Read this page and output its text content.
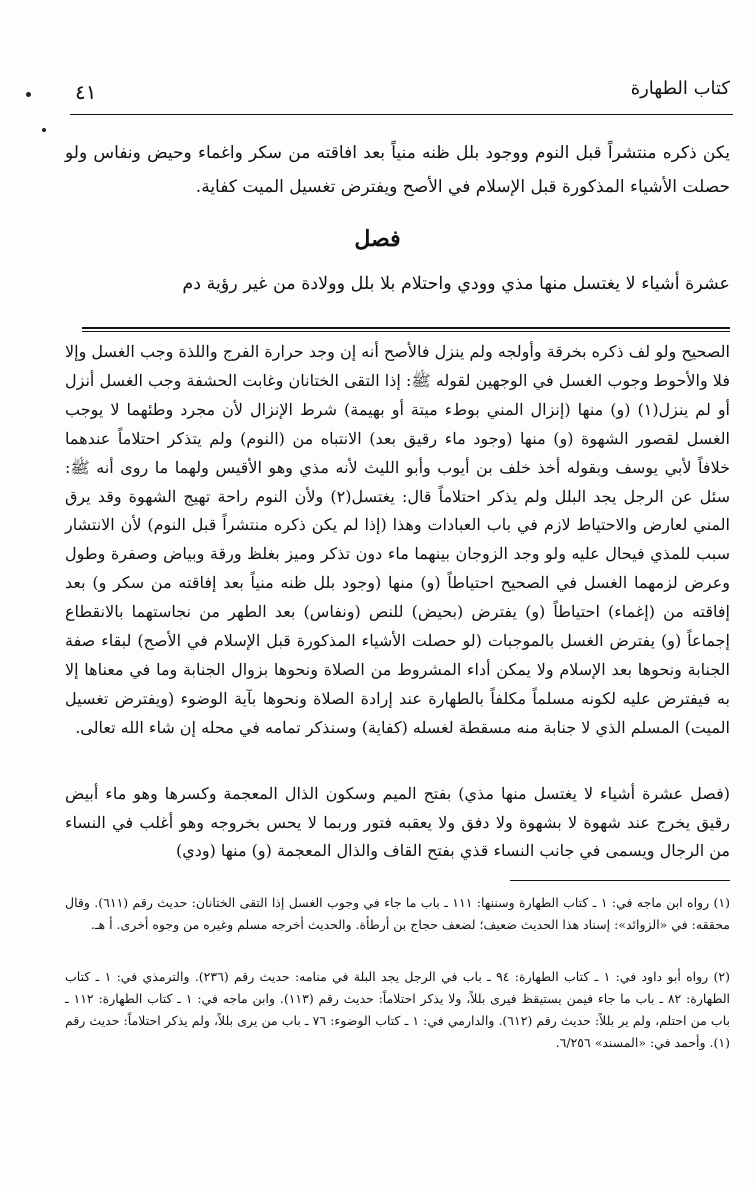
كتاب الطهارة
٤١
يكن ذكره منتشراً قبل النوم ووجود بلل ظنه منياً بعد افاقته من سكر واغماء وحيض ونفاس ولو حصلت الأشياء المذكورة قبل الإسلام في الأصح ويفترض تغسيل الميت كفاية.
فصل
عشرة أشياء لا يغتسل منها مذي وودي واحتلام بلا بلل وولادة من غير رؤية دم
الصحيح ولو لف ذكره بخرقة وأولجه ولم ينزل فالأصح أنه إن وجد حرارة الفرج واللذة وجب الغسل وإلا فلا والأحوط وجوب الغسل في الوجهين لقوله ﷺ: إذا التقى الختانان وغابت الحشفة وجب الغسل أنزل أو لم ينزل(١) (و) منها (إنزال المني بوطء ميتة أو بهيمة) شرط الإنزال لأن مجرد وطئهما لا يوجب الغسل لقصور الشهوة (و) منها (وجود ماء رقيق بعد) الانتباه من (النوم) ولم يتذكر احتلاماً عندهما خلافاً لأبي يوسف وبقوله أخذ خلف بن أيوب وأبو الليث لأنه مذي وهو الأقيس ولهما ما روى أنه ﷺ: سئل عن الرجل يجد البلل ولم يذكر احتلاماً قال: يغتسل(٢) ولأن النوم راحة تهيج الشهوة وقد يرق المني لعارض والاحتياط لازم في باب العبادات وهذا (إذا لم يكن ذكره منتشراً قبل النوم) لأن الانتشار سبب للمذي فيحال عليه ولو وجد الزوجان بينهما ماء دون تذكر وميز بغلظ ورقة وبياض وصفرة وطول وعرض لزمهما الغسل في الصحيح احتياطاً (و) منها (وجود بلل ظنه منياً بعد إفاقته من سكر و) بعد إفاقته من (إغماء) احتياطاً (و) يفترض (بحيض) للنص (ونفاس) بعد الطهر من نجاستهما بالانقطاع إجماعاً (و) يفترض الغسل بالموجبات (لو حصلت الأشياء المذكورة قبل الإسلام في الأصح) لبقاء صفة الجنابة ونحوها بعد الإسلام ولا يمكن أداء المشروط من الصلاة ونحوها بزوال الجنابة وما في معناها إلا به فيفترض عليه لكونه مسلماً مكلفاً بالطهارة عند إرادة الصلاة ونحوها بآية الوضوء (ويفترض تغسيل الميت) المسلم الذي لا جنابة منه مسقطة لغسله (كفاية) وسنذكر تمامه في محله إن شاء الله تعالى.
(فصل عشرة أشياء لا يغتسل منها مذي) بفتح الميم وسكون الذال المعجمة وكسرها وهو ماء أبيض رقيق يخرج عند شهوة لا بشهوة ولا دفق ولا يعقبه فتور وربما لا يحس بخروجه وهو أغلب في النساء من الرجال ويسمى في جانب النساء قذي بفتح القاف والذال المعجمة (و) منها (ودي)
(١) رواه ابن ماجه في: ١ ـ كتاب الطهارة وسننها: ١١١ ـ باب ما جاء في وجوب الغسل إذا التقى الختانان: حديث رقم (٦١١). وقال محققه: في «الزوائد»: إسناد هذا الحديث ضعيف؛ لضعف حجاج بن أرطأة. والحديث أخرجه مسلم وغيره من وجوه أخرى. أ هـ.
(٢) رواه أبو داود في: ١ ـ كتاب الطهارة: ٩٤ ـ باب في الرجل يجد البلة في منامه: حديث رقم (٢٣٦). والترمذي في: ١ ـ كتاب الطهارة: ٨٢ ـ باب ما جاء فيمن يستيقظ فيرى بللاً، ولا يذكر احتلاماً: حديث رقم (١١٣). وابن ماجه في: ١ ـ كتاب الطهارة: ١١٢ ـ باب من احتلم، ولم ير بللاً: حديث رقم (٦١٢). والدارمي في: ١ ـ كتاب الوضوء: ٧٦ ـ باب من يرى بللاً، ولم يذكر احتلاماً: حديث رقم (١). وأحمد في: «المسند» ٦/٢٥٦.
